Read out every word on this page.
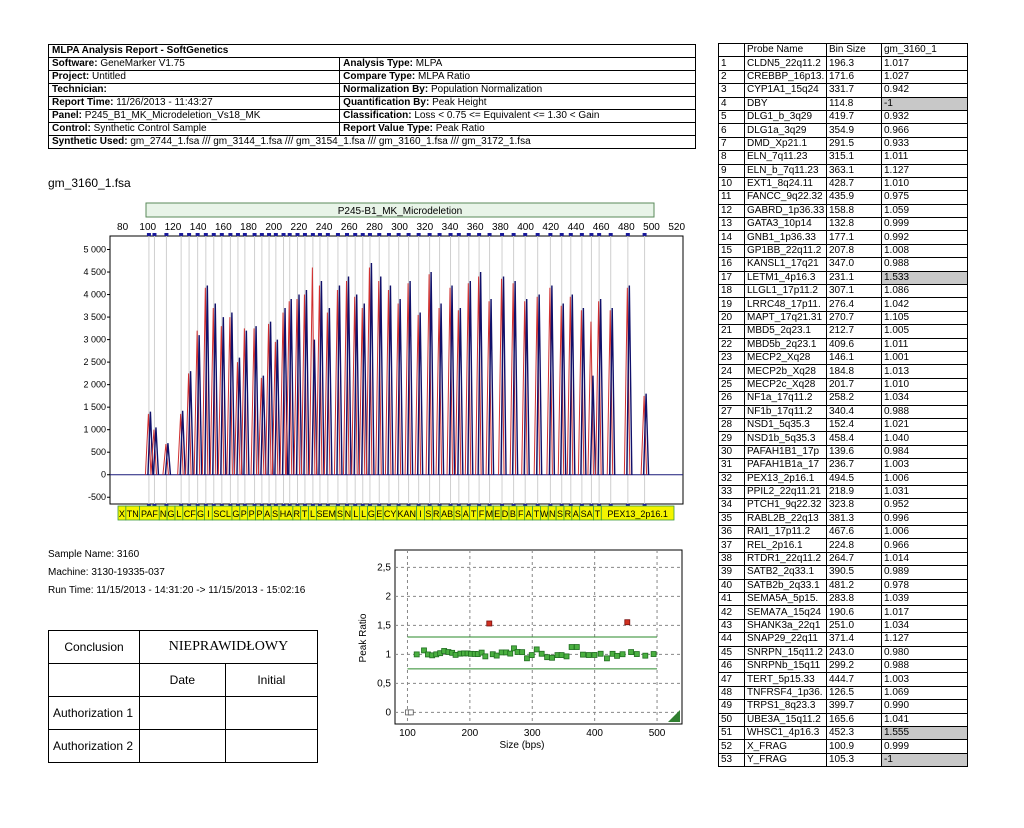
MLPA Analysis Report - SoftGenetics	
Software: GeneMarker V1.75	Analysis Type: MLPA
Project: Untitled	Compare Type: MLPA Ratio
Technician:	Normalization By: Population Normalization
Report Time: 11/26/2013 - 11:43:27	Quantification By: Peak Height
Panel: P245_B1_MK_Microdeletion_Vs18_MK	Classification: Loss < 0.75 <= Equivalent <= 1.30 < Gain
Control: Synthetic Control Sample	Report Value Type: Peak Ratio
Synthetic Used: gm_2744_1.fsa /// gm_3144_1.fsa /// gm_3154_1.fsa /// gm_3160_1.fsa /// gm_3172_1.fsa	
gm_3160_1.fsa
P245-B1_MK_Microdeletion
80 100 120 140 160 180 200 220 240 260 280 300 320 340 360 380 400 420 440 460 480 500 520
5 000
4 500
4 000
3 500
3 000
2 500
2 000
1 500
1 000
500
0
-500
X TN PAF N G L CF G I SCL G P P P A S HA R T L SEM S N L L G E CY KAN I S R AB S A T F M E D B F A T W N S R A SA T PEX13_2p16.1
	Probe Name	Bin Size	gm_3160_1
1	CLDN5_22q11.2	196.3	1.017
2	CREBBP_16p13.	171.6	1.027
3	CYP1A1_15q24	331.7	0.942
4	DBY	114.8	-1
5	DLG1_b_3q29	419.7	0.932
6	DLG1a_3q29	354.9	0.966
7	DMD_Xp21.1	291.5	0.933
8	ELN_7q11.23	315.1	1.011
9	ELN_b_7q11.23	363.1	1.127
10	EXT1_8q24.11	428.7	1.010
11	FANCC_9q22.32	435.9	0.975
12	GABRD_1p36.33	158.8	1.059
13	GATA3_10p14	132.8	0.999
14	GNB1_1p36.33	177.1	0.992
15	GP1BB_22q11.2	207.8	1.008
16	KANSL1_17q21	347.0	0.988
17	LETM1_4p16.3	231.1	1.533
18	LLGL1_17p11.2	307.1	1.086
19	LRRC48_17p11.	276.4	1.042
20	MAPT_17q21.31	270.7	1.105
21	MBD5_2q23.1	212.7	1.005
22	MBD5b_2q23.1	409.6	1.011
23	MECP2_Xq28	146.1	1.001
24	MECP2b_Xq28	184.8	1.013
25	MECP2c_Xq28	201.7	1.010
26	NF1a_17q11.2	258.2	1.034
27	NF1b_17q11.2	340.4	0.988
28	NSD1_5q35.3	152.4	1.021
29	NSD1b_5q35.3	458.4	1.040
30	PAFAH1B1_17p	139.6	0.984
31	PAFAH1B1a_17	236.7	1.003
32	PEX13_2p16.1	494.5	1.006
33	PPIL2_22q11.21	218.9	1.031
34	PTCH1_9q22.32	323.8	0.952
35	RABL2B_22q13	381.3	0.996
36	RAI1_17p11.2	467.6	1.006
37	REL_2p16.1	224.8	0.966
38	RTDR1_22q11.2	264.7	1.014
39	SATB2_2q33.1	390.5	0.989
40	SATB2b_2q33.1	481.2	0.978
41	SEMA5A_5p15.	283.8	1.039
42	SEMA7A_15q24	190.6	1.017
43	SHANK3a_22q1	251.0	1.034
44	SNAP29_22q11	371.4	1.127
45	SNRPN_15q11.2	243.0	0.980
46	SNRPNb_15q11	299.2	0.988
47	TERT_5p15.33	444.7	1.003
48	TNFRSF4_1p36.	126.5	1.069
49	TRPS1_8q23.3	399.7	0.990
50	UBE3A_15q11.2	165.6	1.041
51	WHSC1_4p16.3	452.3	1.555
52	X_FRAG	100.9	0.999
53	Y_FRAG	105.3	-1
Sample Name: 3160
Machine: 3130-19335-037
Run Time: 11/15/2013 - 14:31:20 -> 11/15/2013 - 15:02:16
Conclusion	NIEPRAWIDŁOWY	
	Date	Initial
Authorization 1		
Authorization 2		
100	200	300	400	500
0
0,5
1
1,5
2
2,5
Size (bps)
Peak Ratio
